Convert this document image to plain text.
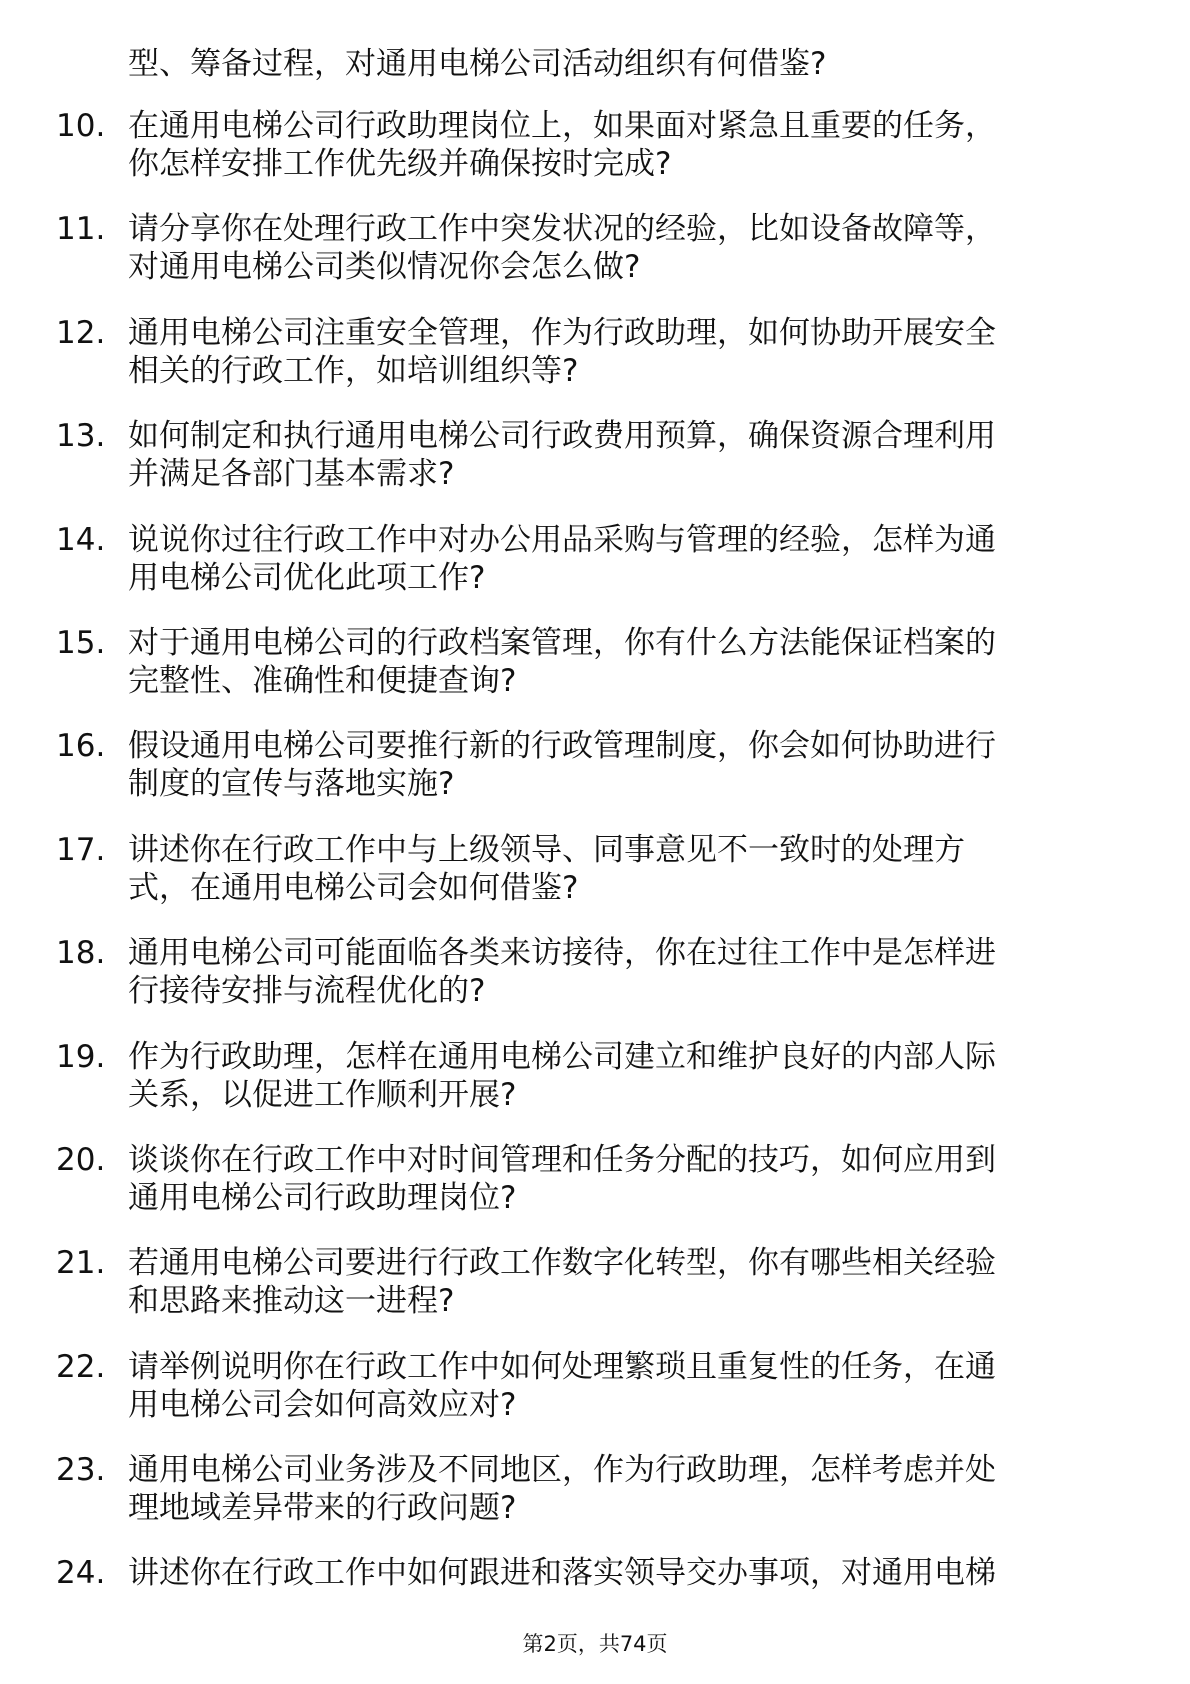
型、筹备过程，对通用电梯公司活动组织有何借鉴?
10. 在通用电梯公司行政助理岗位上，如果面对紧急且重要的任务，
你怎样安排工作优先级并确保按时完成?
11. 请分享你在处理行政工作中突发状况的经验，比如设备故障等，
对通用电梯公司类似情况你会怎么做?
12. 通用电梯公司注重安全管理，作为行政助理，如何协助开展安全
相关的行政工作，如培训组织等?
13. 如何制定和执行通用电梯公司行政费用预算，确保资源合理利用
并满足各部门基本需求?
14. 说说你过往行政工作中对办公用品采购与管理的经验，怎样为通
用电梯公司优化此项工作?
15. 对于通用电梯公司的行政档案管理，你有什么方法能保证档案的
完整性、准确性和便捷查询?
16. 假设通用电梯公司要推行新的行政管理制度，你会如何协助进行
制度的宣传与落地实施?
17. 讲述你在行政工作中与上级领导、同事意见不一致时的处理方
式，在通用电梯公司会如何借鉴?
18. 通用电梯公司可能面临各类来访接待，你在过往工作中是怎样进
行接待安排与流程优化的?
19. 作为行政助理，怎样在通用电梯公司建立和维护良好的内部人际
关系，以促进工作顺利开展?
20. 谈谈你在行政工作中对时间管理和任务分配的技巧，如何应用到
通用电梯公司行政助理岗位?
21. 若通用电梯公司要进行行政工作数字化转型，你有哪些相关经验
和思路来推动这一进程?
22. 请举例说明你在行政工作中如何处理繁琐且重复性的任务，在通
用电梯公司会如何高效应对?
23. 通用电梯公司业务涉及不同地区，作为行政助理，怎样考虑并处
理地域差异带来的行政问题?
24. 讲述你在行政工作中如何跟进和落实领导交办事项，对通用电梯
第2页，共74页
